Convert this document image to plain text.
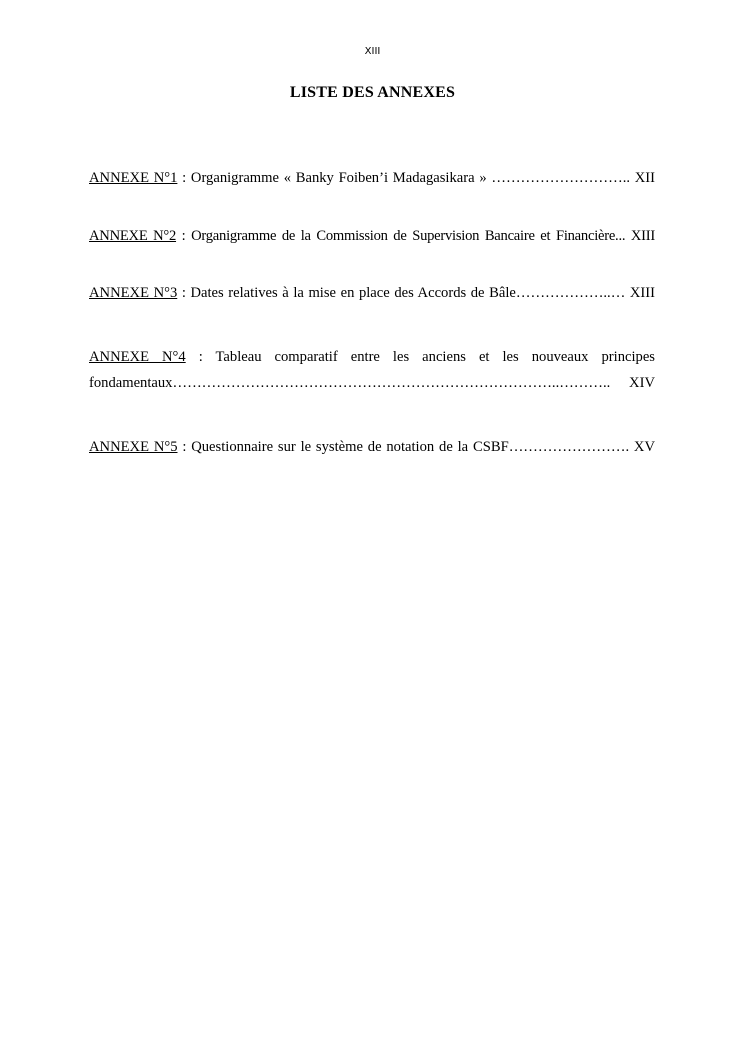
XIII
LISTE DES ANNEXES
ANNEXE N°1 : Organigramme « Banky Foiben’i Madagasikara » ……………………….. XII
ANNEXE N°2 : Organigramme de la Commission de Supervision Bancaire et Financière... XIII
ANNEXE N°3 : Dates relatives à la mise en place des Accords de Bâle………………..… XIII
ANNEXE N°4 : Tableau comparatif entre les anciens et les nouveaux principes
fondamentaux……………………………………………………………………..……….. XIV
ANNEXE N°5 : Questionnaire sur le système de notation de la CSBF……………………. XV
